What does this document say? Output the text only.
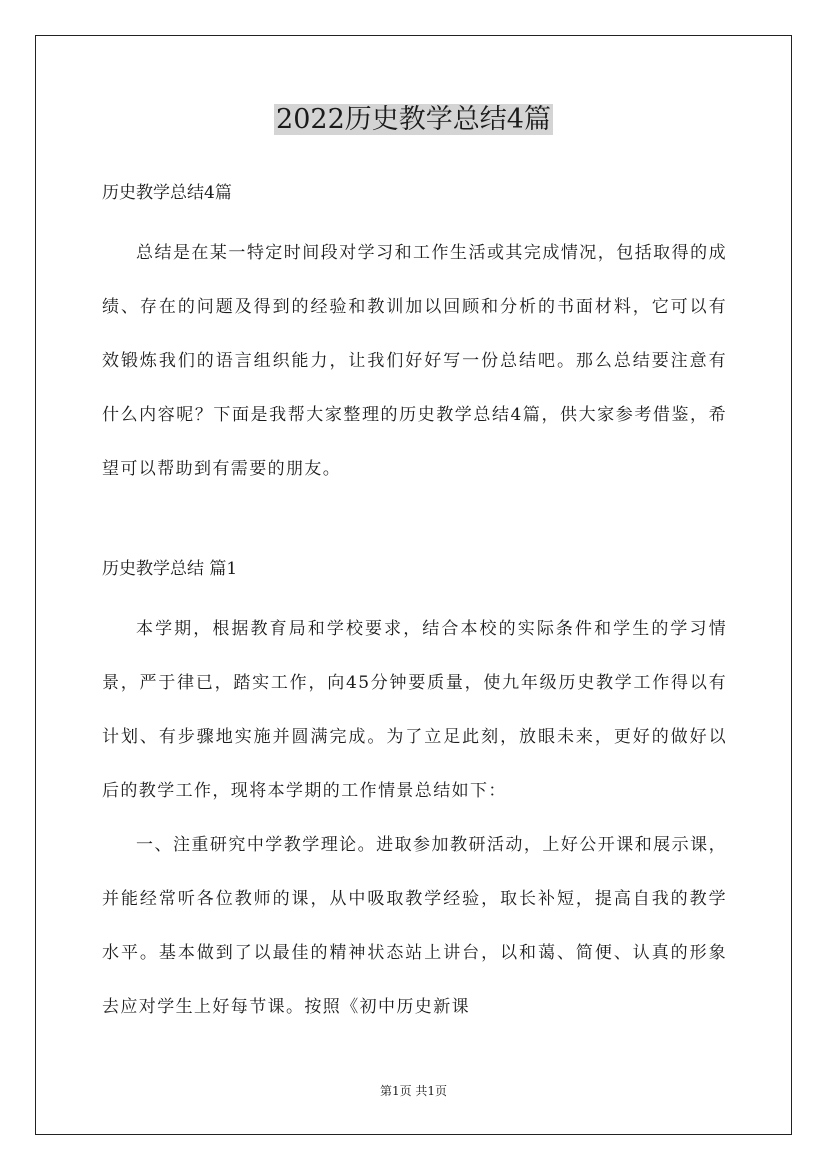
2022历史教学总结4篇

历史教学总结4篇

总结是在某一特定时间段对学习和工作生活或其完成情况，包括取得的成绩、存在的问题及得到的经验和教训加以回顾和分析的书面材料，它可以有效锻炼我们的语言组织能力，让我们好好写一份总结吧。那么总结要注意有什么内容呢？下面是我帮大家整理的历史教学总结4篇，供大家参考借鉴，希望可以帮助到有需要的朋友。

历史教学总结 篇1

本学期，根据教育局和学校要求，结合本校的实际条件和学生的学习情景，严于律已，踏实工作，向45分钟要质量，使九年级历史教学工作得以有计划、有步骤地实施并圆满完成。为了立足此刻，放眼未来，更好的做好以后的教学工作，现将本学期的工作情景总结如下：

一、注重研究中学教学理论。进取参加教研活动，上好公开课和展示课，并能经常听各位教师的课，从中吸取教学经验，取长补短，提高自我的教学水平。基本做到了以最佳的精神状态站上讲台，以和蔼、简便、认真的形象去应对学生上好每节课。按照《初中历史新课

第1页 共1页
